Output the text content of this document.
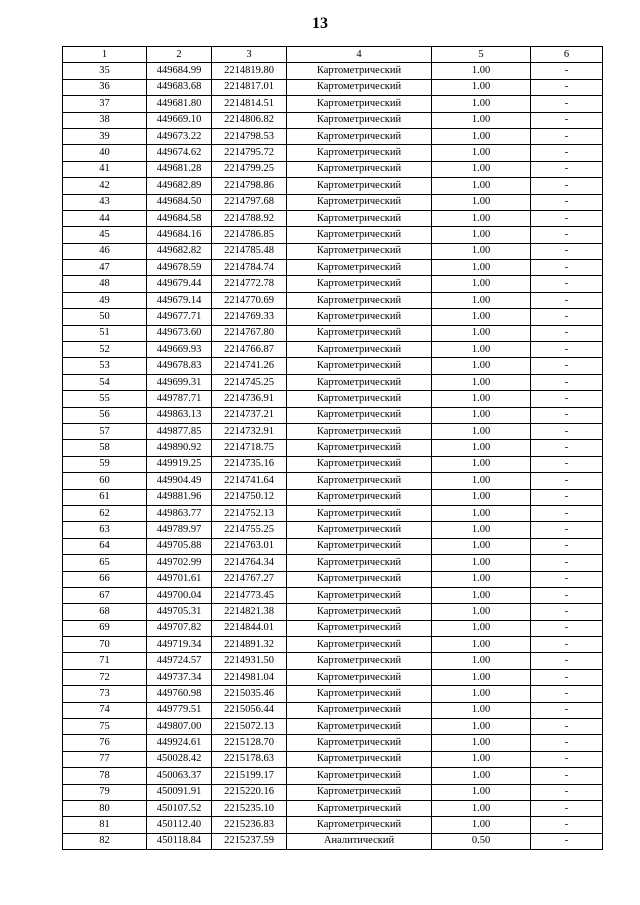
13
1	2	3	4	5	6
35	449684.99	2214819.80	Картометрический	1.00	-
36	449683.68	2214817.01	Картометрический	1.00	-
37	449681.80	2214814.51	Картометрический	1.00	-
38	449669.10	2214806.82	Картометрический	1.00	-
39	449673.22	2214798.53	Картометрический	1.00	-
40	449674.62	2214795.72	Картометрический	1.00	-
41	449681.28	2214799.25	Картометрический	1.00	-
42	449682.89	2214798.86	Картометрический	1.00	-
43	449684.50	2214797.68	Картометрический	1.00	-
44	449684.58	2214788.92	Картометрический	1.00	-
45	449684.16	2214786.85	Картометрический	1.00	-
46	449682.82	2214785.48	Картометрический	1.00	-
47	449678.59	2214784.74	Картометрический	1.00	-
48	449679.44	2214772.78	Картометрический	1.00	-
49	449679.14	2214770.69	Картометрический	1.00	-
50	449677.71	2214769.33	Картометрический	1.00	-
51	449673.60	2214767.80	Картометрический	1.00	-
52	449669.93	2214766.87	Картометрический	1.00	-
53	449678.83	2214741.26	Картометрический	1.00	-
54	449699.31	2214745.25	Картометрический	1.00	-
55	449787.71	2214736.91	Картометрический	1.00	-
56	449863.13	2214737.21	Картометрический	1.00	-
57	449877.85	2214732.91	Картометрический	1.00	-
58	449890.92	2214718.75	Картометрический	1.00	-
59	449919.25	2214735.16	Картометрический	1.00	-
60	449904.49	2214741.64	Картометрический	1.00	-
61	449881.96	2214750.12	Картометрический	1.00	-
62	449863.77	2214752.13	Картометрический	1.00	-
63	449789.97	2214755.25	Картометрический	1.00	-
64	449705.88	2214763.01	Картометрический	1.00	-
65	449702.99	2214764.34	Картометрический	1.00	-
66	449701.61	2214767.27	Картометрический	1.00	-
67	449700.04	2214773.45	Картометрический	1.00	-
68	449705.31	2214821.38	Картометрический	1.00	-
69	449707.82	2214844.01	Картометрический	1.00	-
70	449719.34	2214891.32	Картометрический	1.00	-
71	449724.57	2214931.50	Картометрический	1.00	-
72	449737.34	2214981.04	Картометрический	1.00	-
73	449760.98	2215035.46	Картометрический	1.00	-
74	449779.51	2215056.44	Картометрический	1.00	-
75	449807.00	2215072.13	Картометрический	1.00	-
76	449924.61	2215128.70	Картометрический	1.00	-
77	450028.42	2215178.63	Картометрический	1.00	-
78	450063.37	2215199.17	Картометрический	1.00	-
79	450091.91	2215220.16	Картометрический	1.00	-
80	450107.52	2215235.10	Картометрический	1.00	-
81	450112.40	2215236.83	Картометрический	1.00	-
82	450118.84	2215237.59	Аналитический	0.50	-
